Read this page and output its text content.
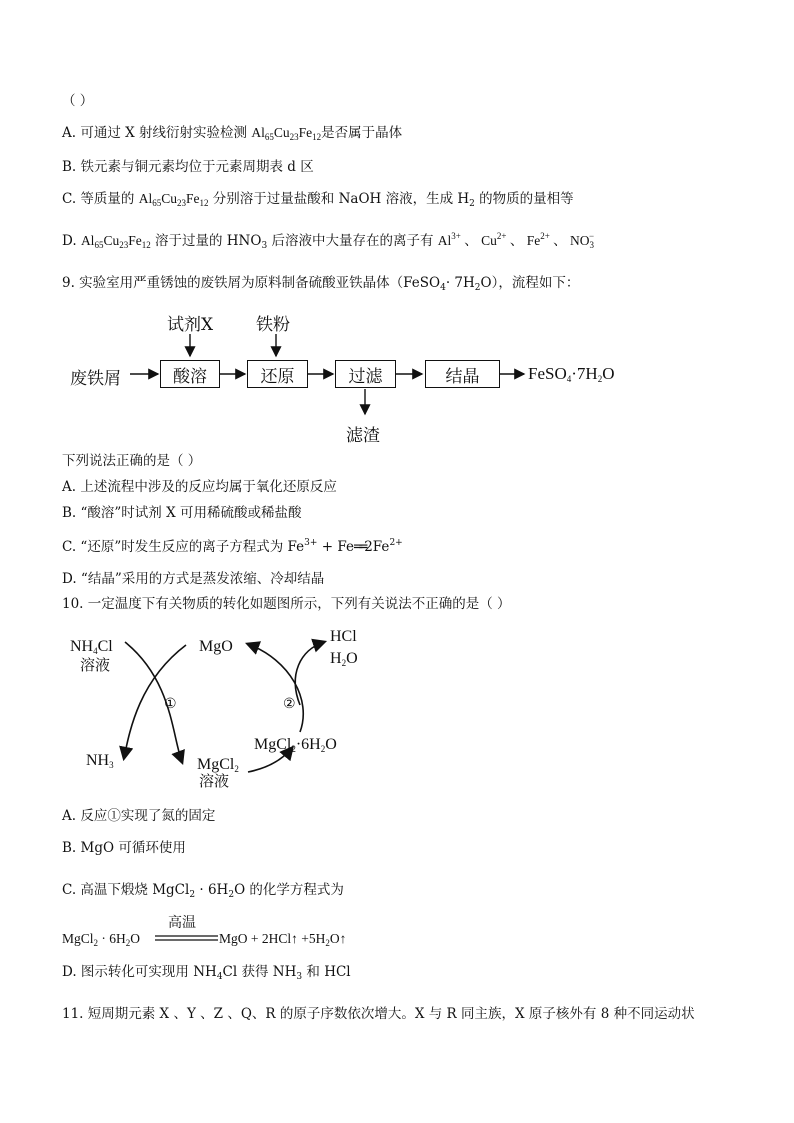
（ ）
A. 可通过 X 射线衍射实验检测 $Al_{65}Cu_{23}Fe_{12}$是否属于晶体
B. 铁元素与铜元素均位于元素周期表 d 区
C. 等质量的 $Al_{65}Cu_{23}Fe_{12}$ 分别溶于过量盐酸和 NaOH 溶液，生成 $H_2$ 的物质的量相等
D. $Al_{65}Cu_{23}Fe_{12}$ 溶于过量的 $HNO_3$ 后溶液中大量存在的离子有 $Al^{3+}$ 、 $Cu^{2+}$ 、 $Fe^{2+}$ 、 $NO_3^-$
9. 实验室用严重锈蚀的废铁屑为原料制备硫酸亚铁晶体（FeSO$_4$· $7H_2O$），流程如下：
废铁屑
试剂X	铁粉
酸溶	还原	过滤	结晶
滤渣
$FeSO_4\cdot 7H_2O$
下列说法正确的是（ ）
A. 上述流程中涉及的反应均属于氧化还原反应
B. “酸溶”时试剂 X 可用稀硫酸或稀盐酸
C. “还原”时发生反应的离子方程式为 $Fe^{3+}$ + $Fe══2Fe^{2+}$
D. “结晶”采用的方式是蒸发浓缩、冷却结晶
10. 一定温度下有关物质的转化如题图所示，下列有关说法不正确的是（ ）
$NH_4Cl$
溶液
MgO
HCl
$H_2O$
①	②
$MgCl_2\cdot 6H_2O$
$NH_3$	MgCl$_2$
溶液
A. 反应①实现了氮的固定
B. MgO 可循环使用
C. 高温下煅烧 MgCl$_2$ · $6H_2O$ 的化学方程式为
高温
MgCl$_2$ · $6H_2O$	MgO + 2HCl↑ $+5H_2O↑$
D. 图示转化可实现用 $NH_4Cl$ 获得 $NH_3$ 和 HCl
11. 短周期元素 X 、Y 、Z 、Q、R 的原子序数依次增大。X 与 R 同主族，X 原子核外有 8 种不同运动状
